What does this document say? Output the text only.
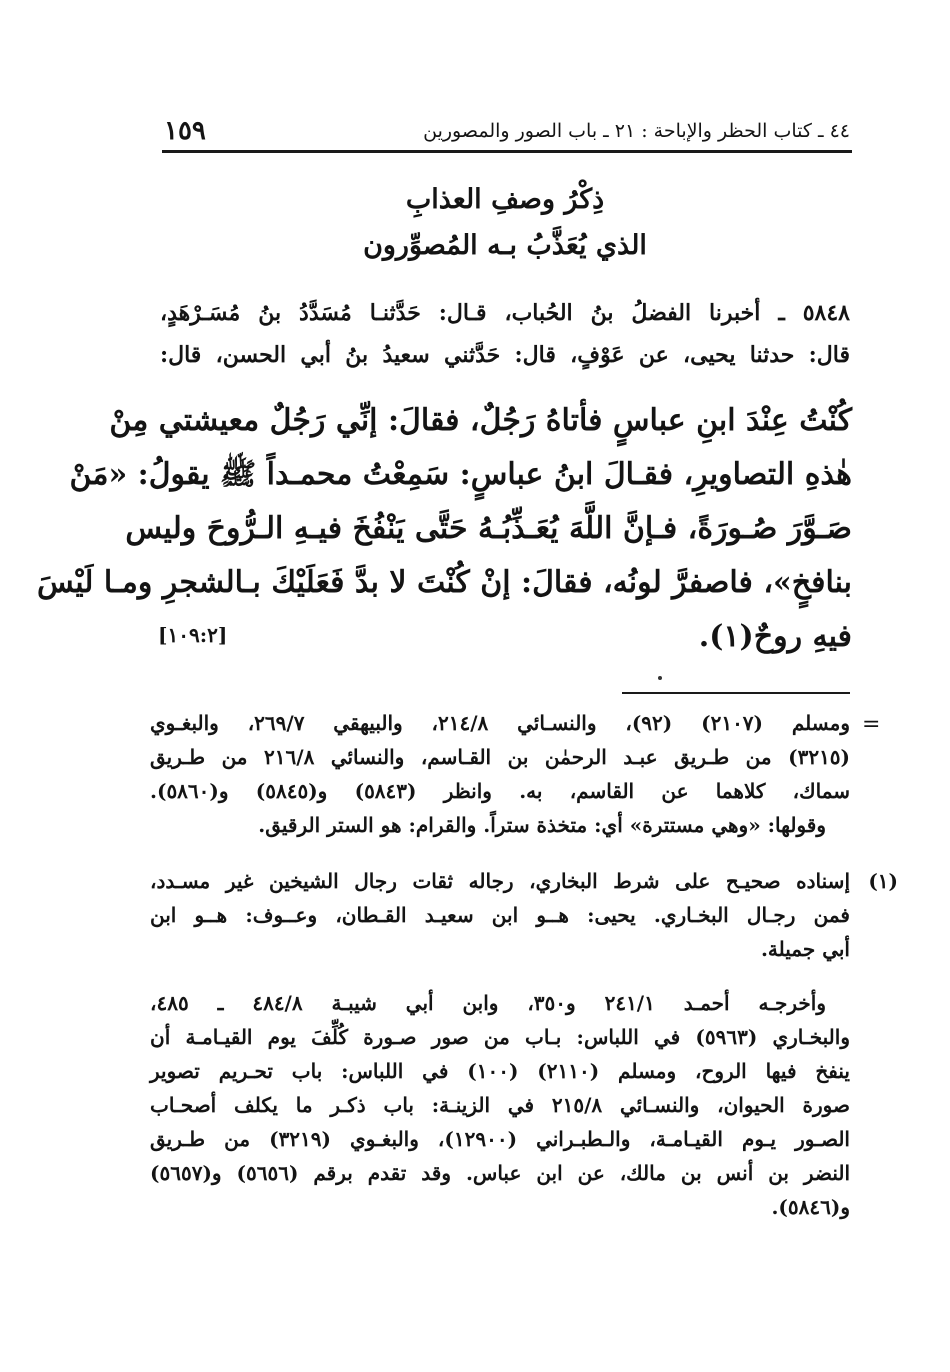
٤٤ ـ كتاب الحظر والإباحة : ٢١ ـ باب الصور والمصورين
١٥٩
ذِكْرُ وصفِ العذابِ
الذي يُعَذَّبُ بـه المُصوِّرون

٥٨٤٨ ـ أخبرنا الفضلُ بنُ الحُباب، قـال: حَدَّثنـا مُسَدَّدُ بنُ مُسَـرْهَدٍ،

قال: حدثنا يحيى، عن عَوْفٍ، قال: حَدَّثني سعيدُ بنُ أبي الحسن، قال:

كُنْتُ عِنْدَ ابنِ عباسٍ فأتاهُ رَجُلٌ، فقالَ: إنِّي رَجُلٌ معيشتي مِنْ

هٰذهِ التصاويرِ، فقـالَ ابنُ عباسٍ: سَمِعْتُ محمـداً ﷺ يقولُ: «مَنْ

صَـوَّرَ صُـورَةً، فـإنَّ اللَّهَ يُعَـذِّبُـهُ حَتَّى يَنْفُخَ فيـهِ الـرُّوحَ وليس

بنافخٍ»، فاصفرَّ لونُه، فقالَ: إنْ كُنْتَ لا بدَّ فَعَلَيْكَ بـالشجرِ ومـا لَيْسَ

فيهِ روحٌ(١).
[١٠٩:٢]

=

ومسلم (٢١٠٧) (٩٢)، والنسـائي ٢١٤/٨، والبيهقي ٢٦٩/٧، والبغـوي

(٣٢١٥) من طـريق عبـد الرحمٰن بن القـاسم، والنسائي ٢١٦/٨ من طـريق

سماك، كلاهما عن القاسم، به. وانظر (٥٨٤٣) و(٥٨٤٥) و(٥٨٦٠).

وقولها: «وهي مستترة» أي: متخذة ستراً. والقرام: هو الستر الرقيق.

(١)

إسناده صحيـح على شرط البخاري، رجاله ثقات رجال الشيخين غير مسـدد،

فمن رجـال البخـاري. يحيى: هــو ابن سعيـد القـطان، وعــوف: هــو ابن

أبي جميلة.

وأخرجـه أحمـد ٢٤١/١ و٣٥٠، وابن أبي شيبـة ٤٨٤/٨ ـ ٤٨٥،

والبخـاري (٥٩٦٣) في اللباس: بـاب من صور صـورة كُلِّفَ يوم القيـامـة أن

ينفخ فيها الروح، ومسلم (٢١١٠) (١٠٠) في اللباس: باب تحـريم تصوير

صورة الحيوان، والنسـائي ٢١٥/٨ في الزينـة: باب ذكـر ما يكلف أصحـاب

الصـور يـوم القيـامـة، والـطبـراني (١٢٩٠٠)، والبغـوي (٣٢١٩) من طـريق

النضر بن أنس بن مالك، عن ابن عباس. وقد تقدم برقم (٥٦٥٦) و(٥٦٥٧)

و(٥٨٤٦).
